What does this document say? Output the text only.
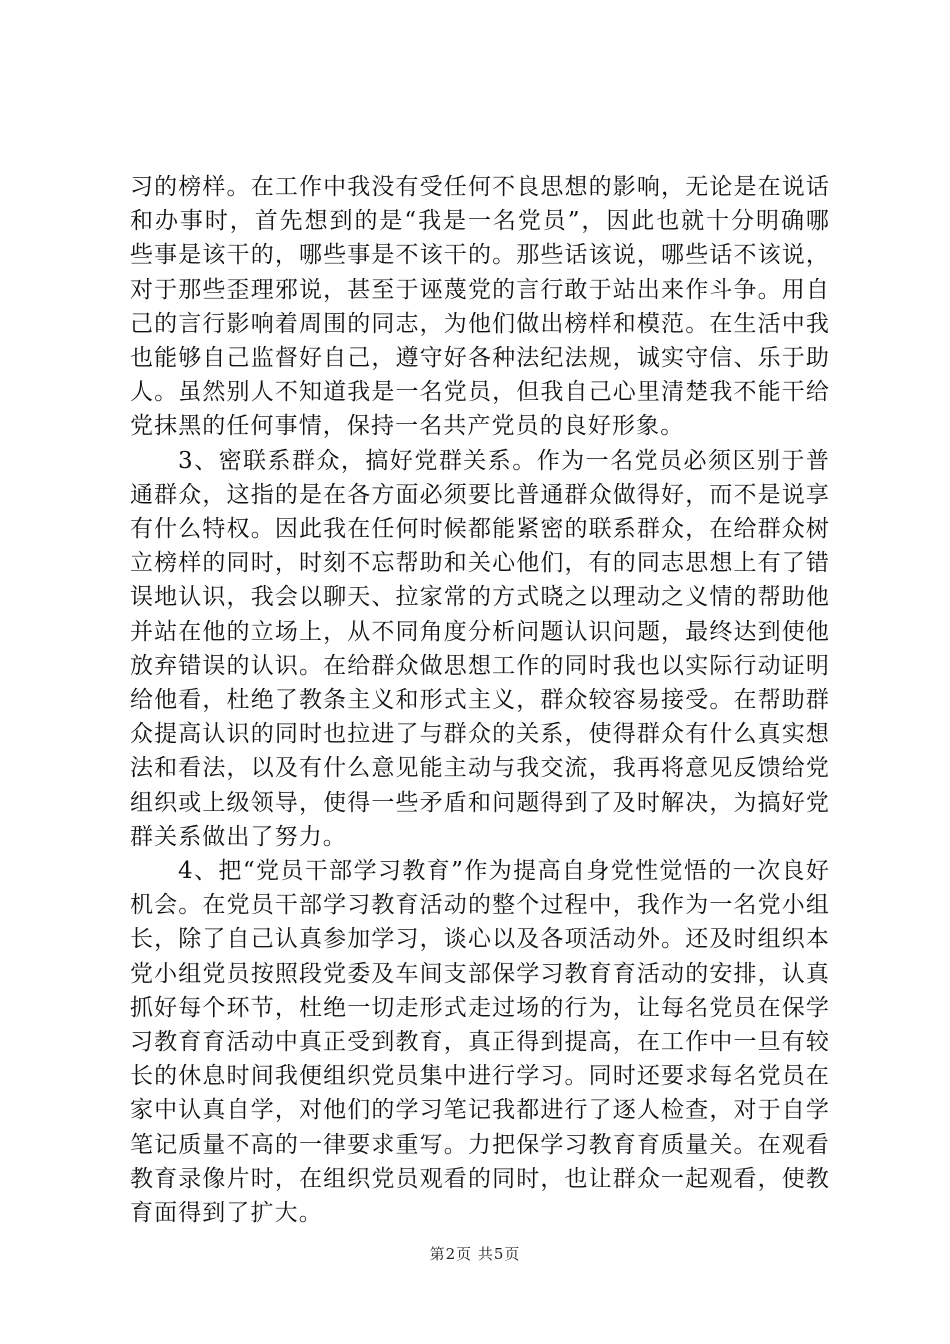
习的榜样。在工作中我没有受任何不良思想的影响，无论是在说话和办事时，首先想到的是“我是一名党员”，因此也就十分明确哪些事是该干的，哪些事是不该干的。那些话该说，哪些话不该说，对于那些歪理邪说，甚至于诬蔑党的言行敢于站出来作斗争。用自己的言行影响着周围的同志，为他们做出榜样和模范。在生活中我也能够自己监督好自己，遵守好各种法纪法规，诚实守信、乐于助人。虽然别人不知道我是一名党员，但我自己心里清楚我不能干给党抹黑的任何事情，保持一名共产党员的良好形象。

3、密联系群众，搞好党群关系。作为一名党员必须区别于普通群众，这指的是在各方面必须要比普通群众做得好，而不是说享有什么特权。因此我在任何时候都能紧密的联系群众，在给群众树立榜样的同时，时刻不忘帮助和关心他们，有的同志思想上有了错误地认识，我会以聊天、拉家常的方式晓之以理动之义情的帮助他并站在他的立场上，从不同角度分析问题认识问题，最终达到使他放弃错误的认识。在给群众做思想工作的同时我也以实际行动证明给他看，杜绝了教条主义和形式主义，群众较容易接受。在帮助群众提高认识的同时也拉进了与群众的关系，使得群众有什么真实想法和看法，以及有什么意见能主动与我交流，我再将意见反馈给党组织或上级领导，使得一些矛盾和问题得到了及时解决，为搞好党群关系做出了努力。

4、把“党员干部学习教育”作为提高自身党性觉悟的一次良好机会。在党员干部学习教育活动的整个过程中，我作为一名党小组长，除了自己认真参加学习，谈心以及各项活动外。还及时组织本党小组党员按照段党委及车间支部保学习教育育活动的安排，认真抓好每个环节，杜绝一切走形式走过场的行为，让每名党员在保学习教育育活动中真正受到教育，真正得到提高，在工作中一旦有较长的休息时间我便组织党员集中进行学习。同时还要求每名党员在家中认真自学，对他们的学习笔记我都进行了逐人检查，对于自学笔记质量不高的一律要求重写。力把保学习教育育质量关。在观看教育录像片时，在组织党员观看的同时，也让群众一起观看，使教育面得到了扩大。

第2页 共5页
